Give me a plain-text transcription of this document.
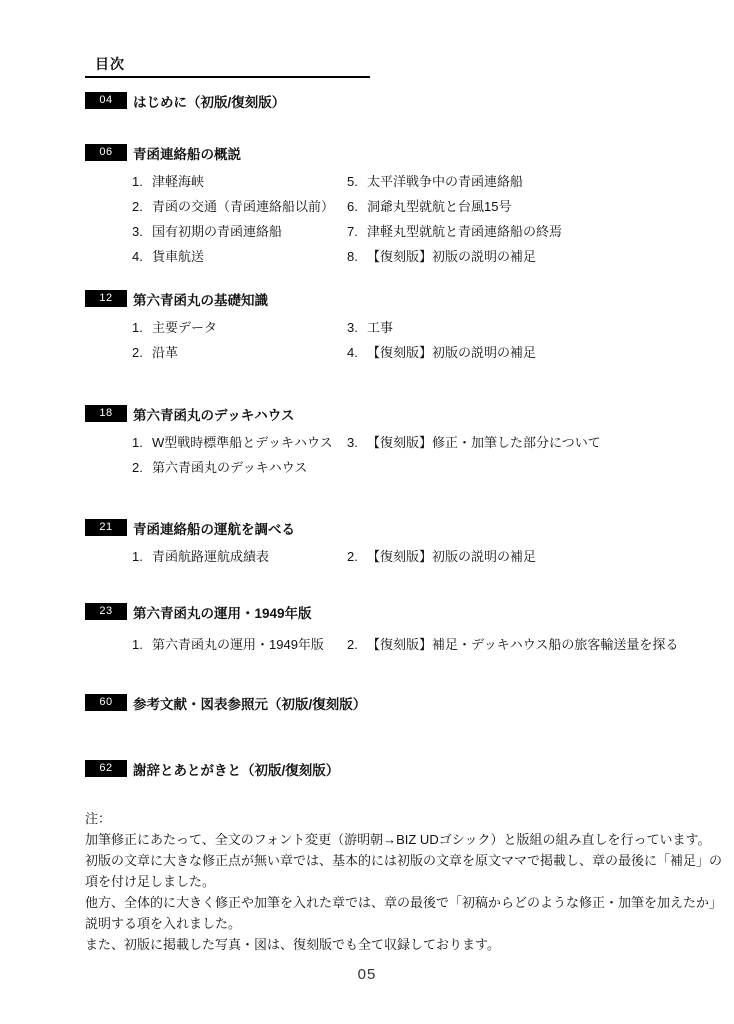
目次
04	はじめに（初版/復刻版）
06	青函連絡船の概説
1. 津軽海峡
2. 青函の交通（青函連絡船以前）
3. 国有初期の青函連絡船
4. 貨車航送
5. 太平洋戦争中の青函連絡船
6. 洞爺丸型就航と台風15号
7. 津軽丸型就航と青函連絡船の終焉
8. 【復刻版】初版の説明の補足
12	第六青函丸の基礎知識
1. 主要データ
2. 沿革
3. 工事
4. 【復刻版】初版の説明の補足
18	第六青函丸のデッキハウス
1. W型戦時標準船とデッキハウス
2. 第六青函丸のデッキハウス
3. 【復刻版】修正・加筆した部分について
21	青函連絡船の運航を調べる
1. 青函航路運航成績表	2. 【復刻版】初版の説明の補足
23	第六青函丸の運用・1949年版
1. 第六青函丸の運用・1949年版	2. 【復刻版】補足・デッキハウス船の旅客輸送量を探る
60	参考文献・図表参照元（初版/復刻版）
62	謝辞とあとがきと（初版/復刻版）
注：
加筆修正にあたって、全文のフォント変更（游明朝→BIZ UDゴシック）と版組の組み直しを行っています。
初版の文章に大きな修正点が無い章では、基本的には初版の文章を原文ママで掲載し、章の最後に「補足」の
項を付け足しました。
他方、全体的に大きく修正や加筆を入れた章では、章の最後で「初稿からどのような修正・加筆を加えたか」
説明する項を入れました。
また、初版に掲載した写真・図は、復刻版でも全て収録しております。
05
